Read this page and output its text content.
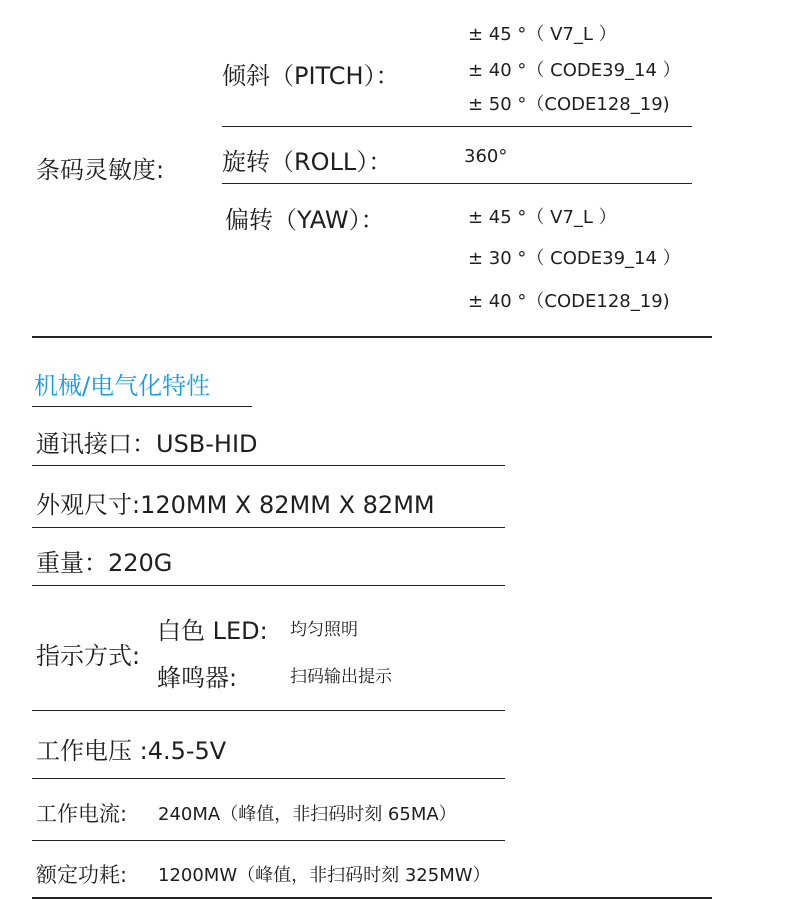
条码灵敏度:
倾斜（PITCH）：
± 45 °（ V7_L ）
± 40 °（ CODE39_14 ）
± 50 °（CODE128_19)
旋转（ROLL）：	360°
偏转（YAW）：	± 45 °（ V7_L ）
± 30 °（ CODE39_14 ）
± 40 °（CODE128_19)
机械/电气化特性
通讯接口：USB-HID
外观尺寸:120MM X 82MM X 82MM
重量：220G
指示方式:
白色 LED: 均匀照明
蜂鸣器:	扫码输出提示
工作电压 :4.5-5V
工作电流: 240MA（峰值，非扫码时刻 65MA）
额定功耗: 1200MW（峰值，非扫码时刻 325MW）
